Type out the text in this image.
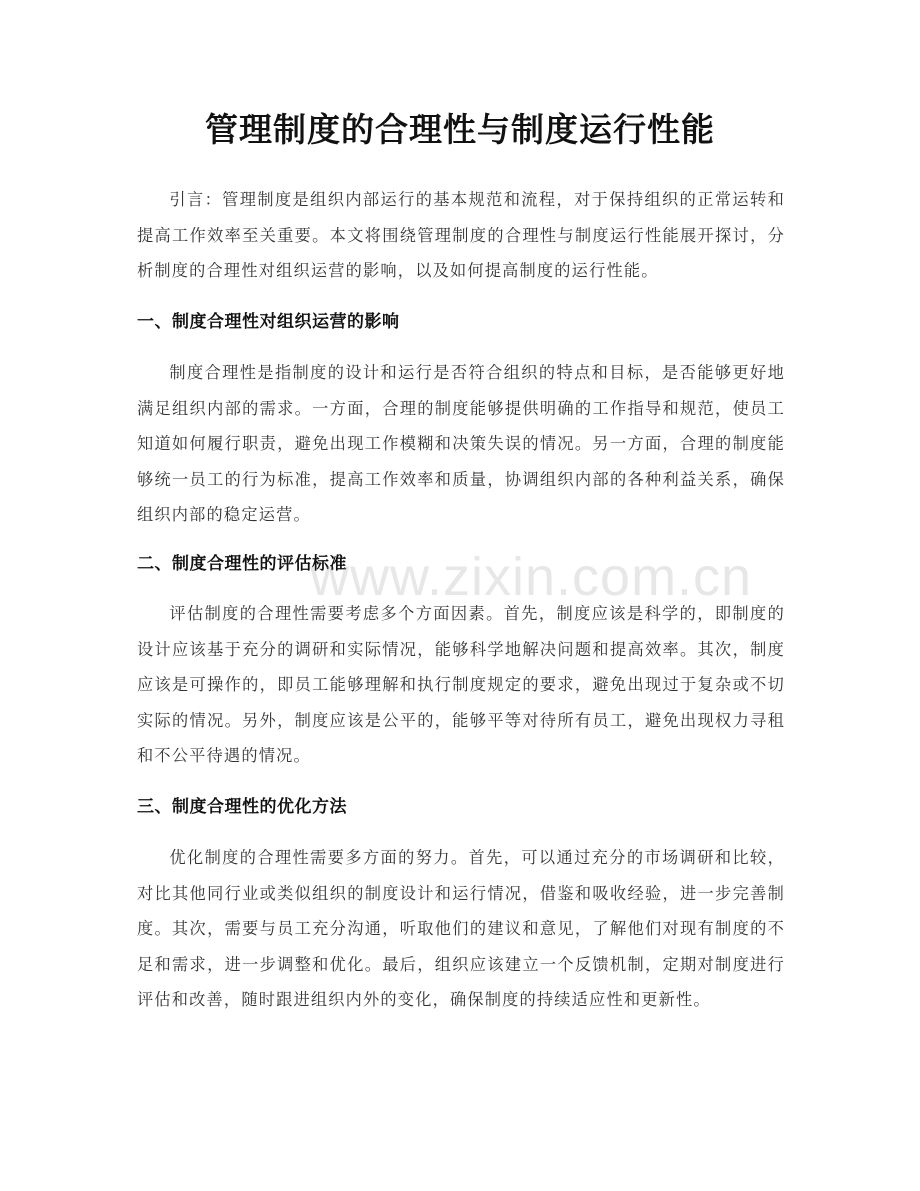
管理制度的合理性与制度运行性能

引言：管理制度是组织内部运行的基本规范和流程，对于保持组织的正常运转和提高工作效率至关重要。本文将围绕管理制度的合理性与制度运行性能展开探讨，分析制度的合理性对组织运营的影响，以及如何提高制度的运行性能。

一、制度合理性对组织运营的影响

制度合理性是指制度的设计和运行是否符合组织的特点和目标，是否能够更好地满足组织内部的需求。一方面，合理的制度能够提供明确的工作指导和规范，使员工知道如何履行职责，避免出现工作模糊和决策失误的情况。另一方面，合理的制度能够统一员工的行为标准，提高工作效率和质量，协调组织内部的各种利益关系，确保组织内部的稳定运营。

二、制度合理性的评估标准

评估制度的合理性需要考虑多个方面因素。首先，制度应该是科学的，即制度的设计应该基于充分的调研和实际情况，能够科学地解决问题和提高效率。其次，制度应该是可操作的，即员工能够理解和执行制度规定的要求，避免出现过于复杂或不切实际的情况。另外，制度应该是公平的，能够平等对待所有员工，避免出现权力寻租和不公平待遇的情况。

三、制度合理性的优化方法

优化制度的合理性需要多方面的努力。首先，可以通过充分的市场调研和比较，对比其他同行业或类似组织的制度设计和运行情况，借鉴和吸收经验，进一步完善制度。其次，需要与员工充分沟通，听取他们的建议和意见，了解他们对现有制度的不足和需求，进一步调整和优化。最后，组织应该建立一个反馈机制，定期对制度进行评估和改善，随时跟进组织内外的变化，确保制度的持续适应性和更新性。

www.zixin.com.cn
